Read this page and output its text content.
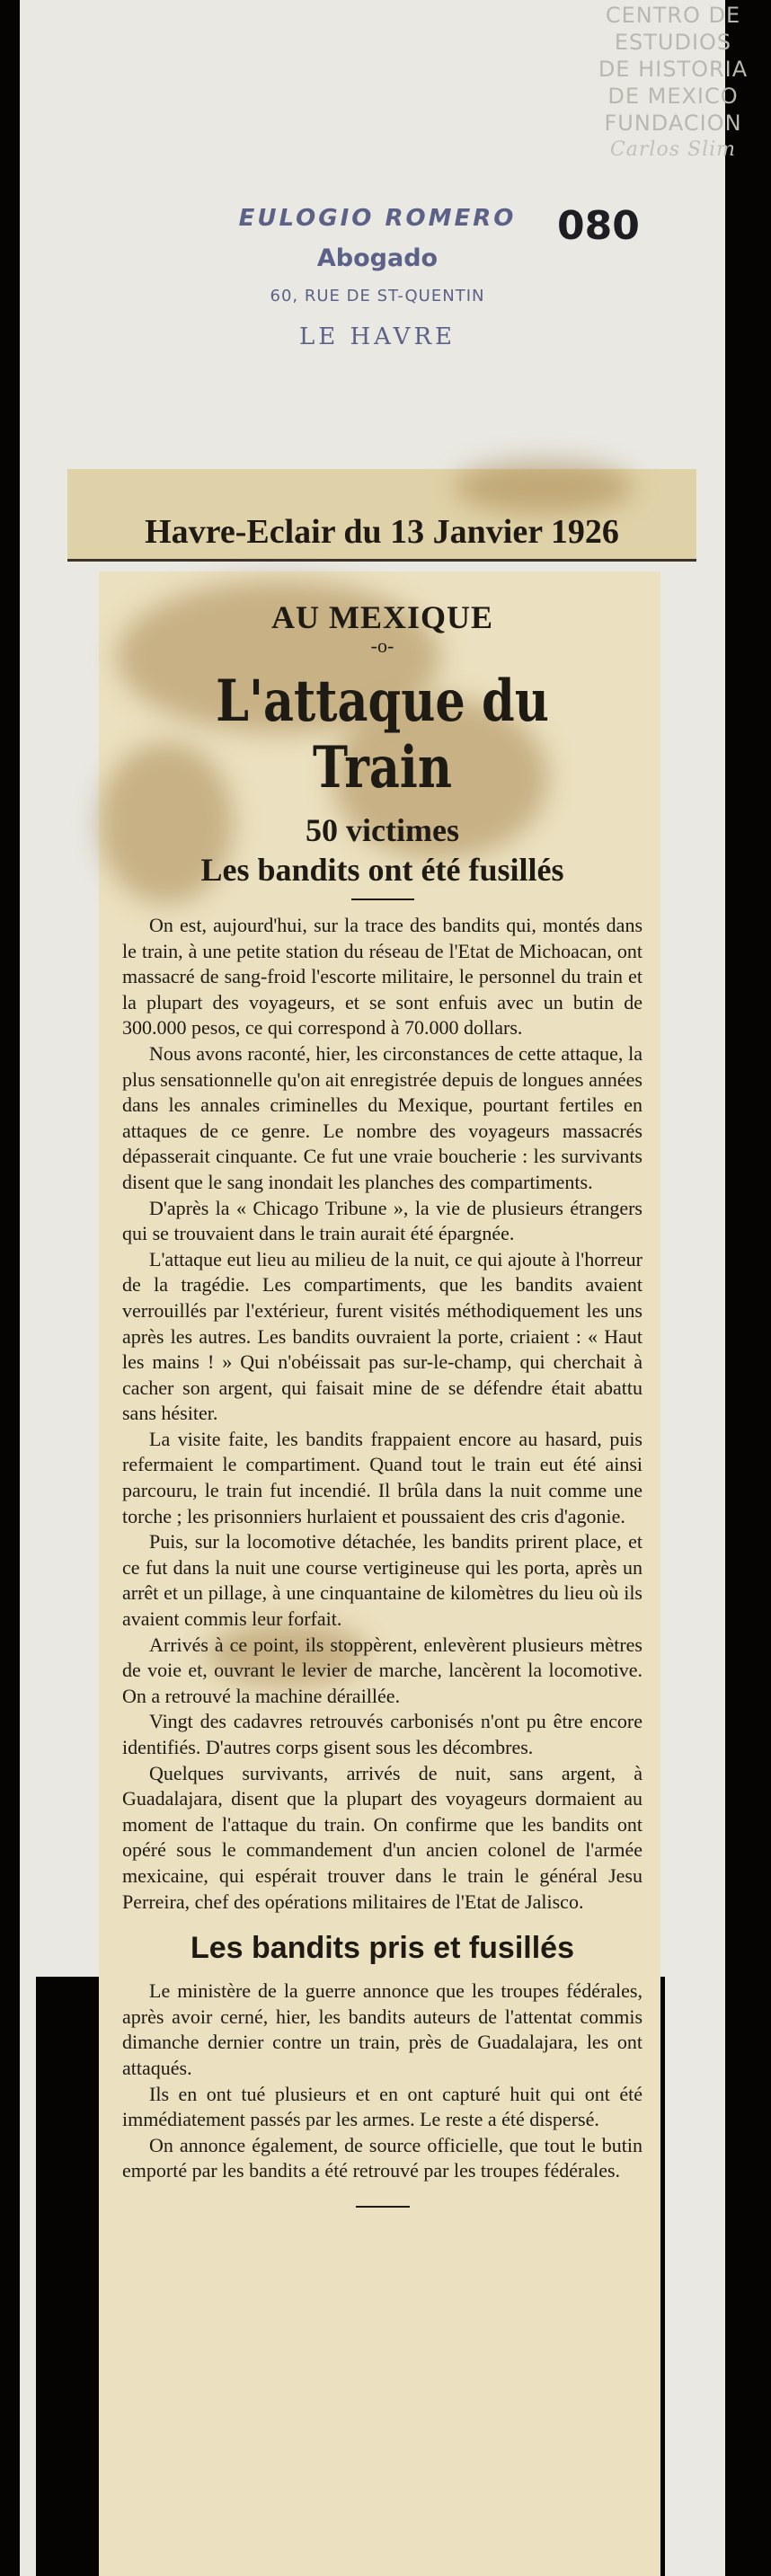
CENTRO DE
ESTUDIOS
DE HISTORIA
DE MEXICO
FUNDACION
Carlos Slim
EULOGIO ROMERO
Abogado
60, RUE DE ST-QUENTIN
LE HAVRE
080
Havre-Eclair du 13 Janvier 1926
AU MEXIQUE
-o-
L'attaque du Train
50 victimes
Les bandits ont été fusillés

On est, aujourd'hui, sur la trace des bandits qui, montés dans le train, à une petite station du réseau de l'Etat de Michoacan, ont massacré de sang-froid l'escorte militaire, le personnel du train et la plupart des voyageurs, et se sont enfuis avec un butin de 300.000 pesos, ce qui correspond à 70.000 dollars.

Nous avons raconté, hier, les circonstances de cette attaque, la plus sensationnelle qu'on ait enregistrée depuis de longues années dans les annales criminelles du Mexique, pourtant fertiles en attaques de ce genre. Le nombre des voyageurs massacrés dépasserait cinquante. Ce fut une vraie boucherie : les survivants disent que le sang inondait les planches des compartiments.

D'après la « Chicago Tribune », la vie de plusieurs étrangers qui se trouvaient dans le train aurait été épargnée.

L'attaque eut lieu au milieu de la nuit, ce qui ajoute à l'horreur de la tragédie. Les compartiments, que les bandits avaient verrouillés par l'extérieur, furent visités méthodiquement les uns après les autres. Les bandits ouvraient la porte, criaient : « Haut les mains ! » Qui n'obéissait pas sur-le-champ, qui cherchait à cacher son argent, qui faisait mine de se défendre était abattu sans hésiter.

La visite faite, les bandits frappaient encore au hasard, puis refermaient le compartiment. Quand tout le train eut été ainsi parcouru, le train fut incendié. Il brûla dans la nuit comme une torche ; les prisonniers hurlaient et poussaient des cris d'agonie.

Puis, sur la locomotive détachée, les bandits prirent place, et ce fut dans la nuit une course vertigineuse qui les porta, après un arrêt et un pillage, à une cinquantaine de kilomètres du lieu où ils avaient commis leur forfait.

Arrivés à ce point, ils stoppèrent, enlevèrent plusieurs mètres de voie et, ouvrant le levier de marche, lancèrent la locomotive. On a retrouvé la machine déraillée.

Vingt des cadavres retrouvés carbonisés n'ont pu être encore identifiés. D'autres corps gisent sous les décombres.

Quelques survivants, arrivés de nuit, sans argent, à Guadalajara, disent que la plupart des voyageurs dormaient au moment de l'attaque du train. On confirme que les bandits ont opéré sous le commandement d'un ancien colonel de l'armée mexicaine, qui espérait trouver dans le train le général Jesu Perreira, chef des opérations militaires de l'Etat de Jalisco.

Les bandits pris et fusillés

Le ministère de la guerre annonce que les troupes fédérales, après avoir cerné, hier, les bandits auteurs de l'attentat commis dimanche dernier contre un train, près de Guadalajara, les ont attaqués.

Ils en ont tué plusieurs et en ont capturé huit qui ont été immédiatement passés par les armes. Le reste a été dispersé.

On annonce également, de source officielle, que tout le butin emporté par les bandits a été retrouvé par les troupes fédérales.
